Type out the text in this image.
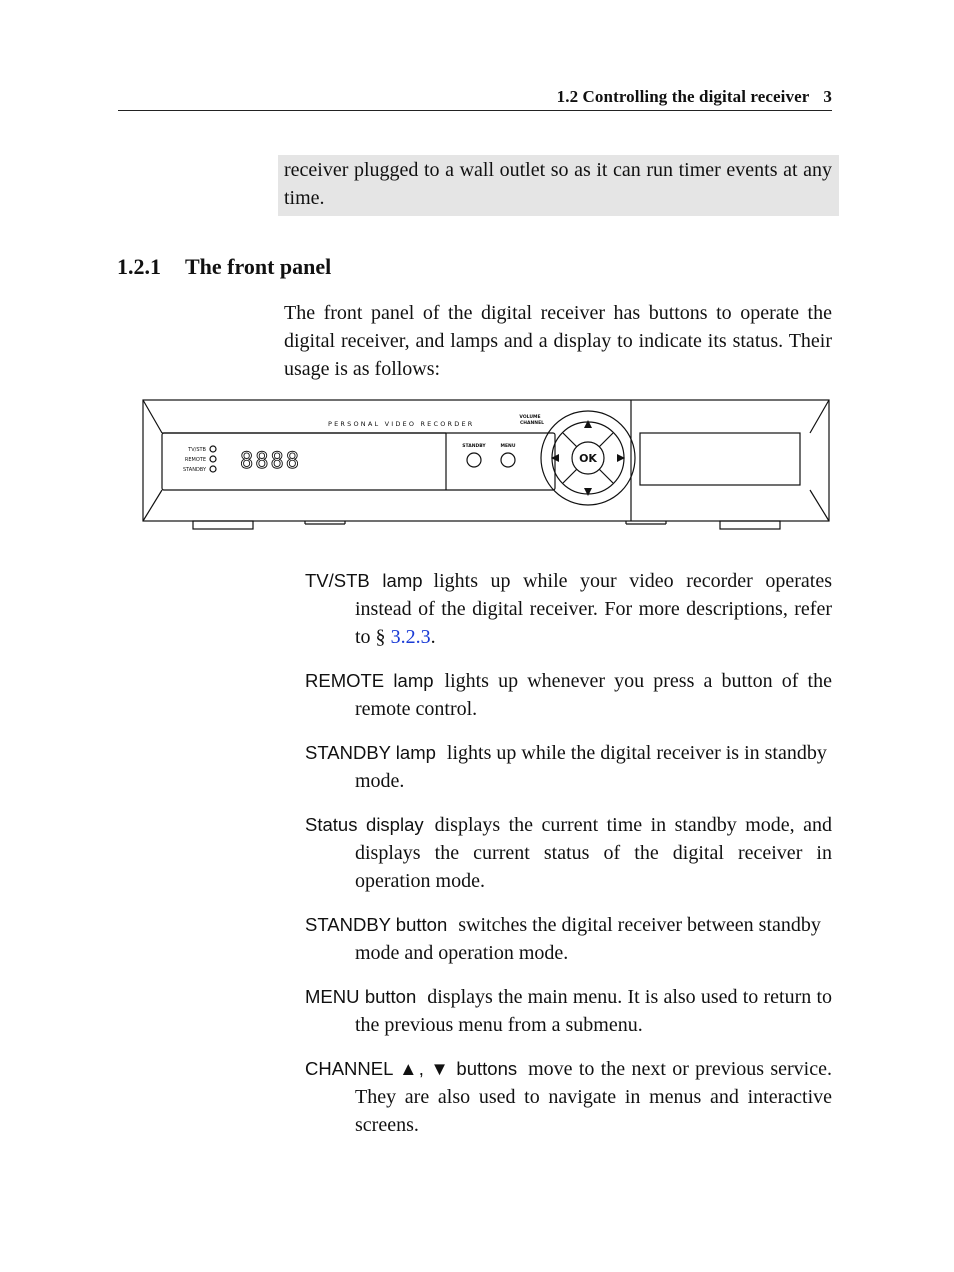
1.2 Controlling the digital receiver 3
receiver plugged to a wall outlet so as it can run timer events at any time.
1.2.1 The front panel
The front panel of the digital receiver has buttons to operate the digital receiver, and lamps and a display to indicate its status. Their usage is as follows:
8888
PERSONAL VIDEO RECORDER
TV/STB
REMOTE
STANDBY
STANDBY	MENU
VOLUME
CHANNEL
OK

TV/STB lamp lights up while your video recorder operates instead of the digital receiver. For more descriptions, refer to § 3.2.3.

REMOTE lamp lights up whenever you press a button of the remote control.

STANDBY lamp lights up while the digital receiver is in standby mode.

Status display displays the current time in standby mode, and displays the current status of the digital receiver in operation mode.

STANDBY button switches the digital receiver between standby mode and operation mode.

MENU button displays the main menu. It is also used to return to the previous menu from a submenu.

CHANNEL ▲, ▼ buttons move to the next or previous service. They are also used to navigate in menus and interactive screens.
